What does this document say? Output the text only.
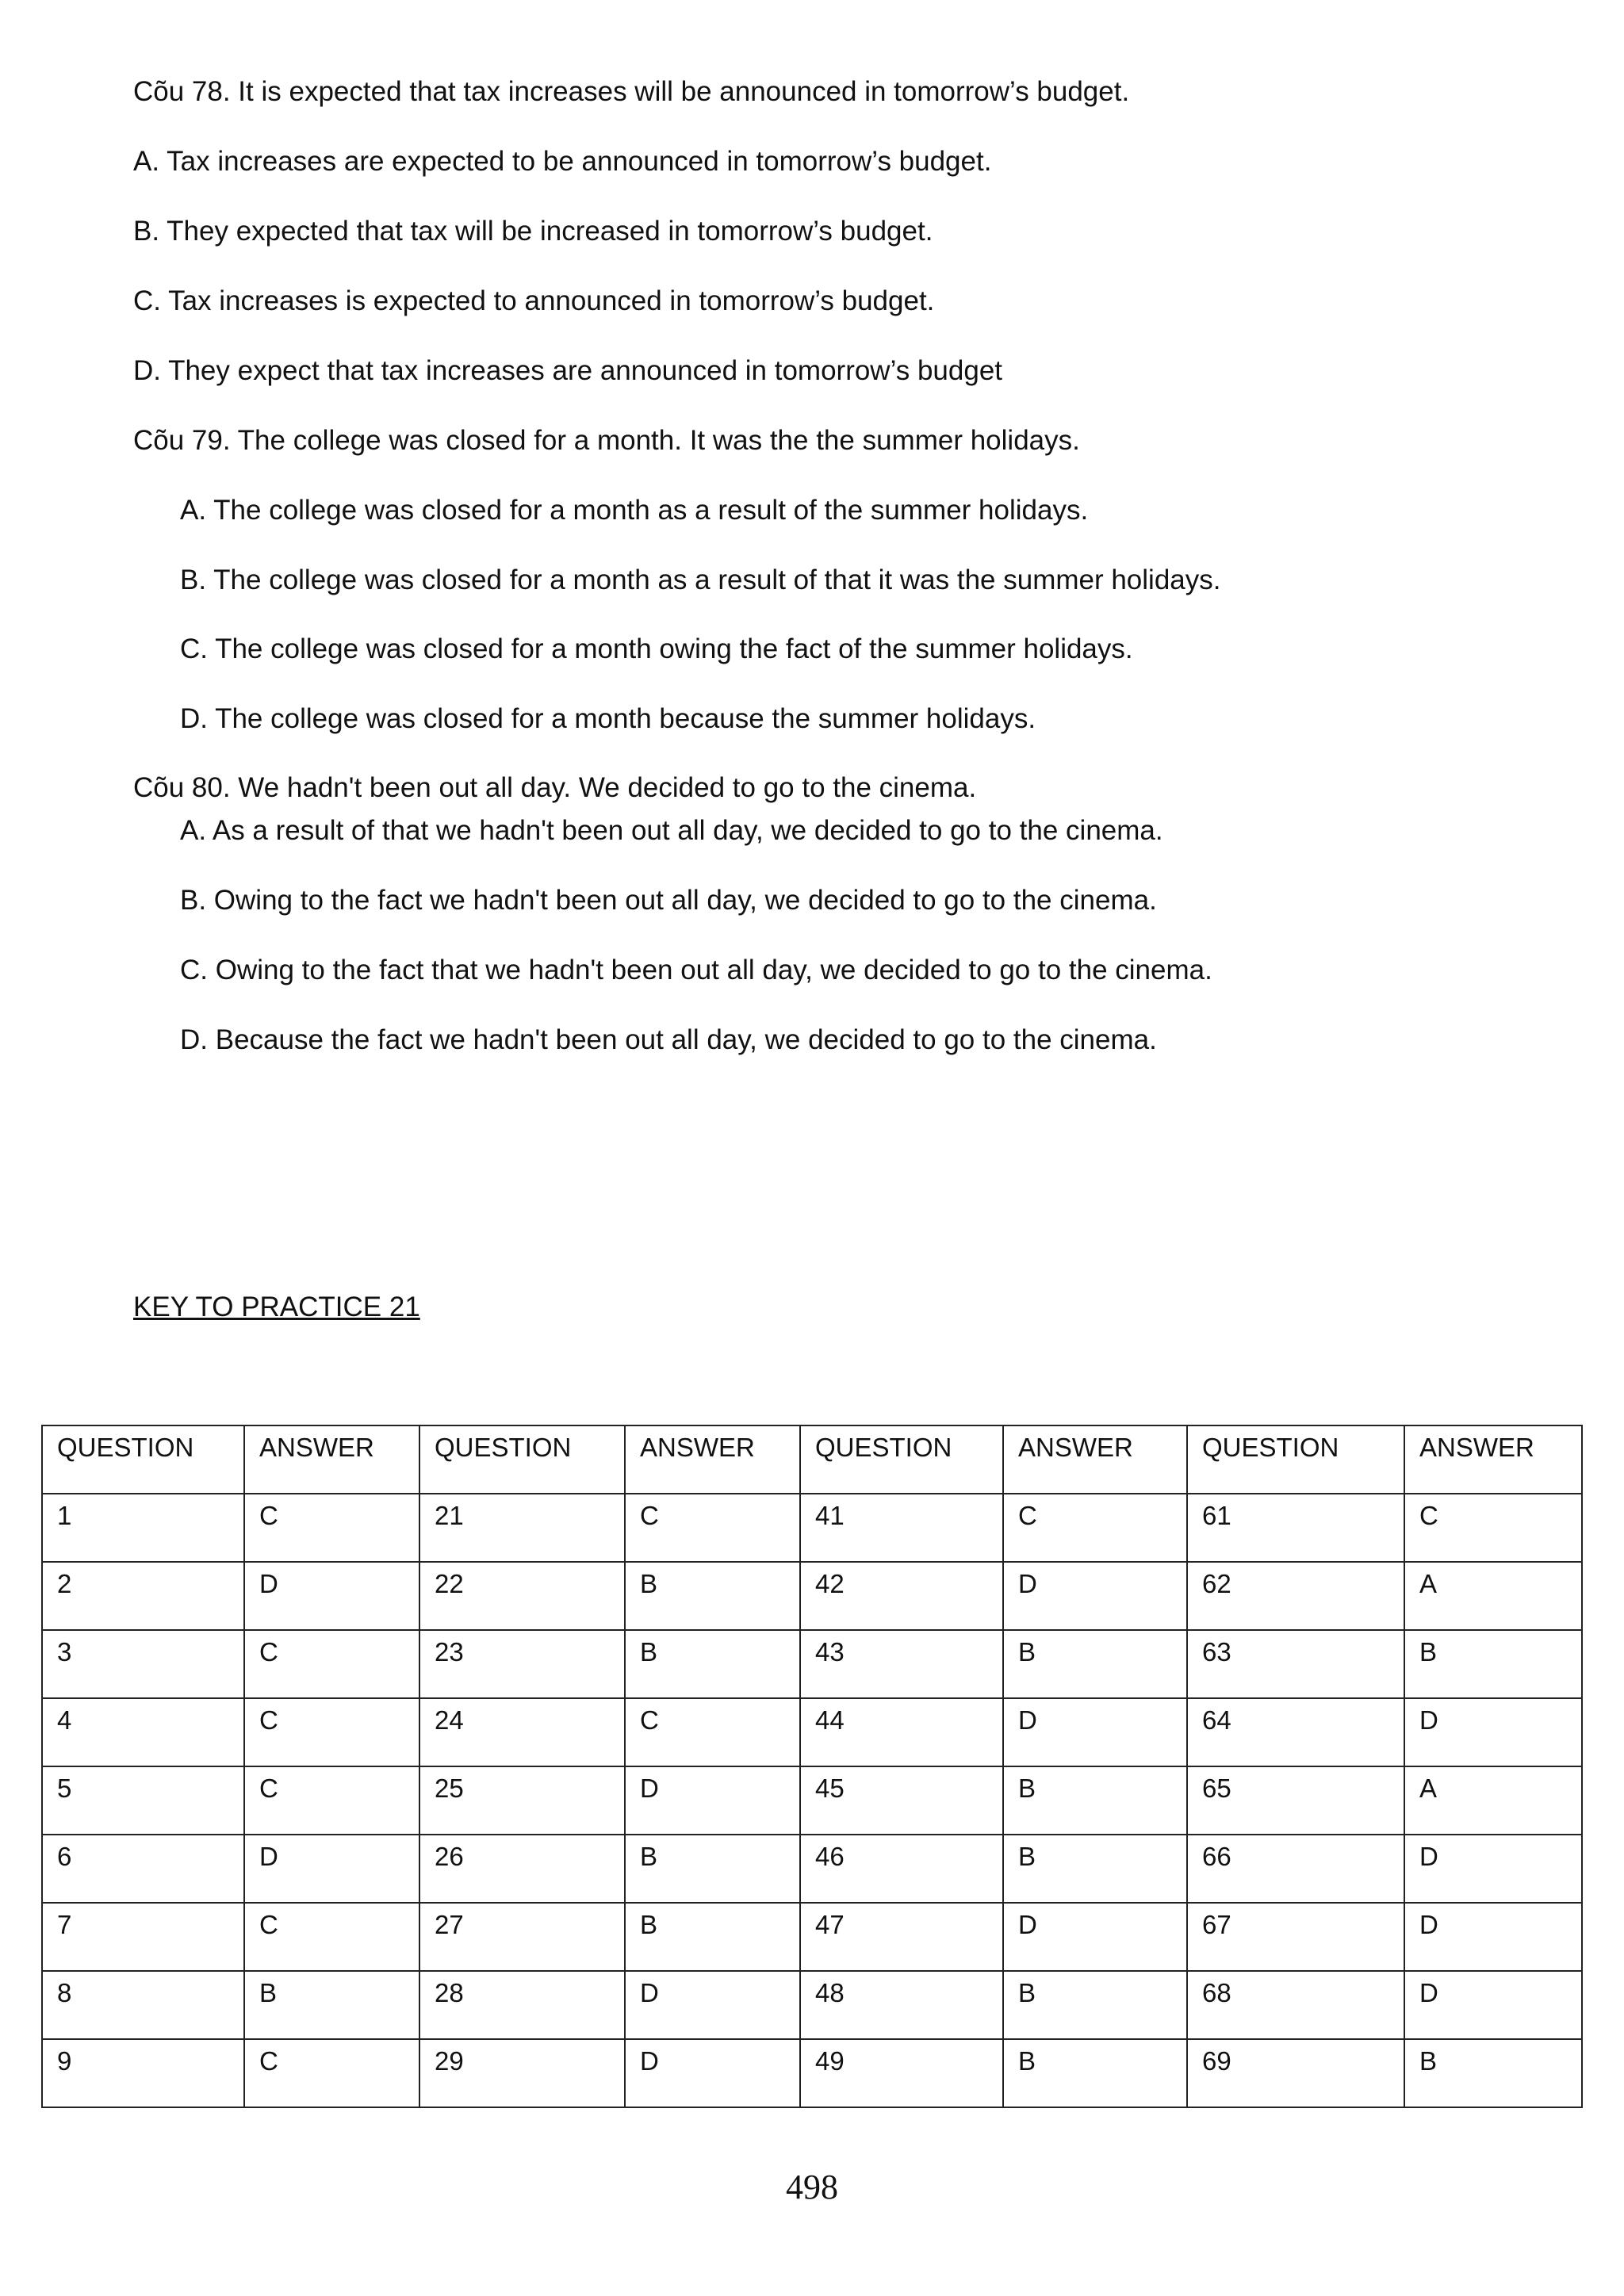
Cõu 78. It is expected that tax increases will be announced in tomorrow’s budget.
A. Tax increases are expected to be announced in tomorrow’s budget.
B. They expected that tax will be increased in tomorrow’s budget.
C. Tax increases is expected to announced in tomorrow’s budget.
D. They expect that tax increases are announced in tomorrow’s budget
Cõu 79. The college was closed for a month. It was the the summer holidays.
A. The college was closed for a month as a result of the summer holidays.
B. The college was closed for a month as a result of that it was the summer holidays.
C. The college was closed for a month owing the fact of the summer holidays.
D. The college was closed for a month because the summer holidays.
Cõu 80. We hadn't been out all day. We decided to go to the cinema.
A. As a result of that we hadn't been out all day, we decided to go to the cinema.
B. Owing to the fact we hadn't been out all day, we decided to go to the cinema.
C. Owing to the fact that we hadn't been out all day, we decided to go to the cinema.
D. Because the fact we hadn't been out all day, we decided to go to the cinema.
KEY TO PRACTICE 21
QUESTION	ANSWER	QUESTION	ANSWER	QUESTION	ANSWER	QUESTION	ANSWER
1	C	21	C	41	C	61	C
2	D	22	B	42	D	62	A
3	C	23	B	43	B	63	B
4	C	24	C	44	D	64	D
5	C	25	D	45	B	65	A
6	D	26	B	46	B	66	D
7	C	27	B	47	D	67	D
8	B	28	D	48	B	68	D
9	C	29	D	49	B	69	B
498
